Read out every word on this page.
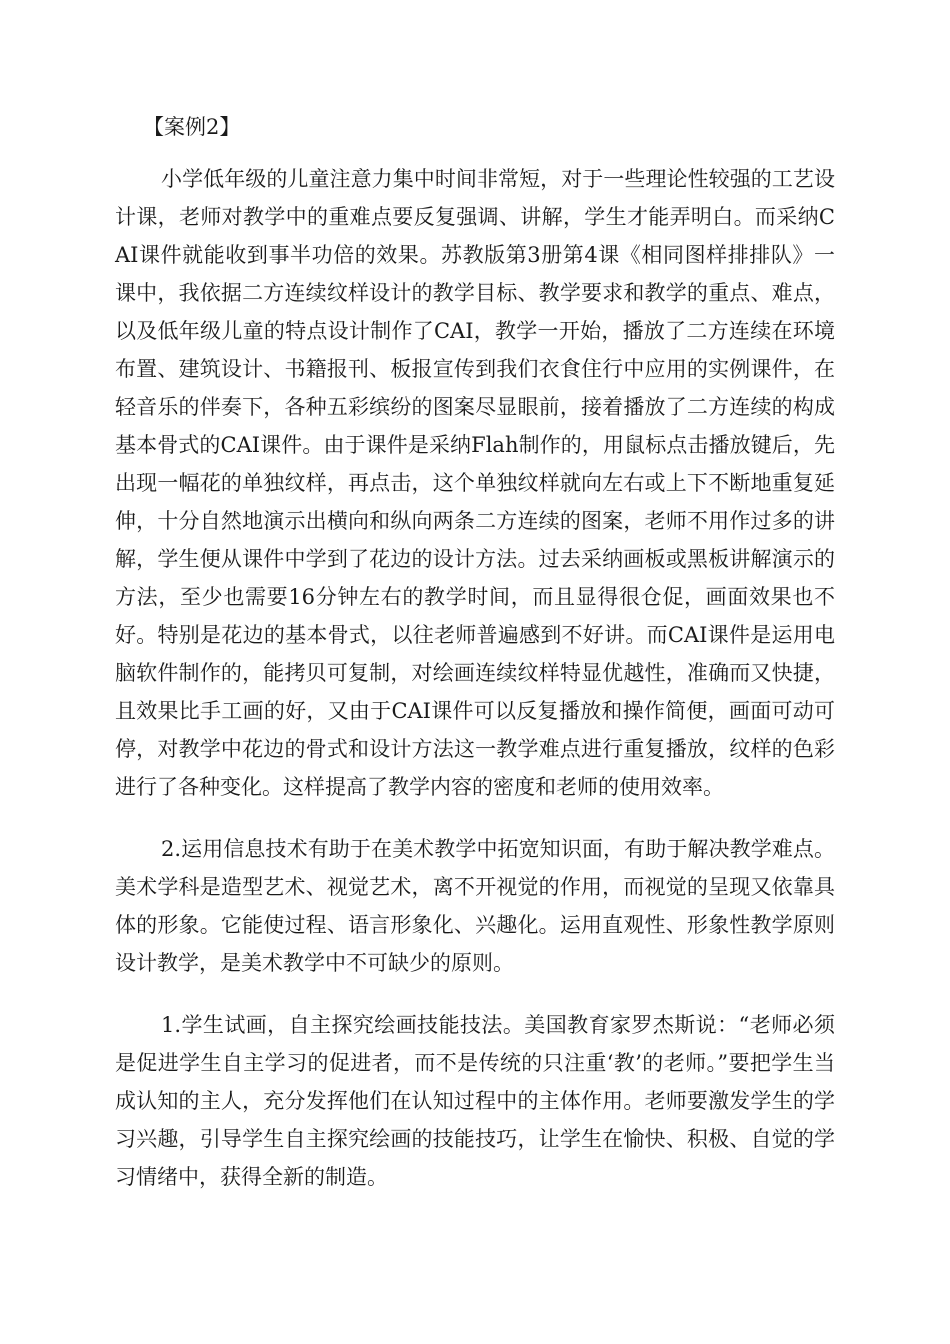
【案例2】

小学低年级的儿童注意力集中时间非常短，对于一些理论性较强的工艺设计课，老师对教学中的重难点要反复强调、讲解，学生才能弄明白。而采纳CAI课件就能收到事半功倍的效果。苏教版第3册第4课《相同图样排排队》一课中，我依据二方连续纹样设计的教学目标、教学要求和教学的重点、难点，以及低年级儿童的特点设计制作了CAI，教学一开始，播放了二方连续在环境布置、建筑设计、书籍报刊、板报宣传到我们衣食住行中应用的实例课件，在轻音乐的伴奏下，各种五彩缤纷的图案尽显眼前，接着播放了二方连续的构成基本骨式的CAI课件。由于课件是采纳Flah制作的，用鼠标点击播放键后，先出现一幅花的单独纹样，再点击，这个单独纹样就向左右或上下不断地重复延伸，十分自然地演示出横向和纵向两条二方连续的图案，老师不用作过多的讲解，学生便从课件中学到了花边的设计方法。过去采纳画板或黑板讲解演示的方法，至少也需要16分钟左右的教学时间，而且显得很仓促，画面效果也不好。特别是花边的基本骨式，以往老师普遍感到不好讲。而CAI课件是运用电脑软件制作的，能拷贝可复制，对绘画连续纹样特显优越性，准确而又快捷，且效果比手工画的好，又由于CAI课件可以反复播放和操作简便，画面可动可停，对教学中花边的骨式和设计方法这一教学难点进行重复播放，纹样的色彩进行了各种变化。这样提高了教学内容的密度和老师的使用效率。

2.运用信息技术有助于在美术教学中拓宽知识面，有助于解决教学难点。美术学科是造型艺术、视觉艺术，离不开视觉的作用，而视觉的呈现又依靠具体的形象。它能使过程、语言形象化、兴趣化。运用直观性、形象性教学原则设计教学，是美术教学中不可缺少的原则。

1.学生试画，自主探究绘画技能技法。美国教育家罗杰斯说：“老师必须是促进学生自主学习的促进者，而不是传统的只注重‘教’的老师。”要把学生当成认知的主人，充分发挥他们在认知过程中的主体作用。老师要激发学生的学习兴趣，引导学生自主探究绘画的技能技巧，让学生在愉快、积极、自觉的学习情绪中，获得全新的制造。
